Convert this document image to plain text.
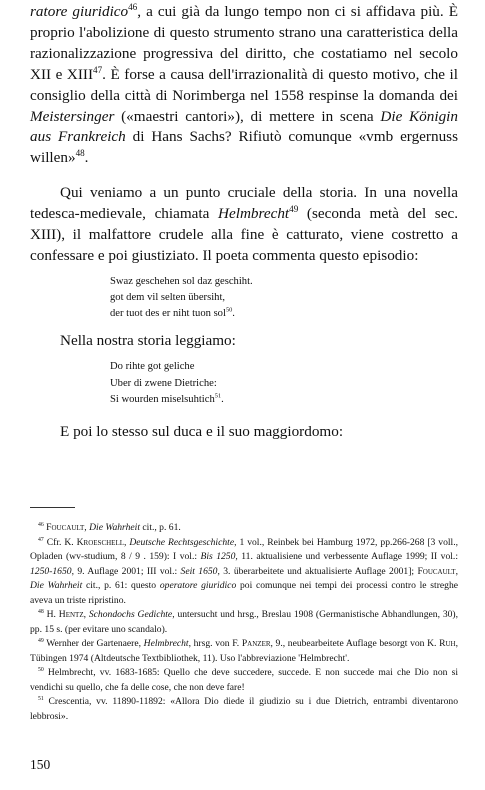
ratore giuridico$^{46}$, a cui già da lungo tempo non ci si affidava più. È proprio l'abolizione di questo strumento strano una caratteristica della razionalizzazione progressiva del diritto, che costatiamo nel secolo XII e XIII$^{47}$. È forse a causa dell'irrazionalità di questo motivo, che il consiglio della città di Norimberga nel 1558 respinse la domanda dei Meistersinger («maestri cantori»), di mettere in scena Die Königin aus Frankreich di Hans Sachs? Rifiutò comunque «vmb ergernuss willen»$^{48}$.

Qui veniamo a un punto cruciale della storia. In una novella tedesca-medievale, chiamata Helmbrecht$^{49}$ (seconda metà del sec. XIII), il malfattore crudele alla fine è catturato, viene costretto a confessare e poi giustiziato. Il poeta commenta questo episodio:

Swaz geschehen sol daz geschiht.
got dem vil selten übersiht,
der tuot des er niht tuon sol$^{50}$.

Nella nostra storia leggiamo:

Do rihte got geliche
Uber di zwene Dietriche:
Si wourden miselsuhtich$^{51}$.

E poi lo stesso sul duca e il suo maggiordomo:

$^{46}$ Foucault, Die Wahrheit cit., p. 61.

$^{47}$ Cfr. K. Kroeschell, Deutsche Rechtsgeschichte, 1 vol., Reinbek bei Hamburg 1972, pp.266-268 [3 voll., Opladen (wv-studium, 8 / 9 . 159): I vol.: Bis 1250, 11. aktualisiene und verbessente Auflage 1999; II vol.: 1250-1650, 9. Auflage 2001; III vol.: Seit 1650, 3. überarbeitete und aktualisierte Auflage 2001]; Foucault, Die Wahrheit cit., p. 61: questo operatore giuridico poi comunque nei tempi dei processi contro le streghe aveva un triste ripristino.

$^{48}$ H. Hentz, Schondochs Gedichte, untersucht und hrsg., Breslau 1908 (Germanistische Abhandlungen, 30), pp. 15 s. (per evitare uno scandalo).

$^{49}$ Wernher der Gartenaere, Helmbrecht, hrsg. von F. Panzer, 9., neubearbeitete Auflage besorgt von K. Ruh, Tübingen 1974 (Altdeutsche Textbibliothek, 11). Uso l'abbreviazione 'Helmbrecht'.

$^{50}$ Helmbrecht, vv. 1683-1685: Quello che deve succedere, succede. E non succede mai che Dio non si vendichi su quello, che fa delle cose, che non deve fare!

$^{51}$ Crescentia, vv. 11890-11892: «Allora Dio diede il giudizio su i due Dietrich, entrambi diventarono lebbrosi».

150
